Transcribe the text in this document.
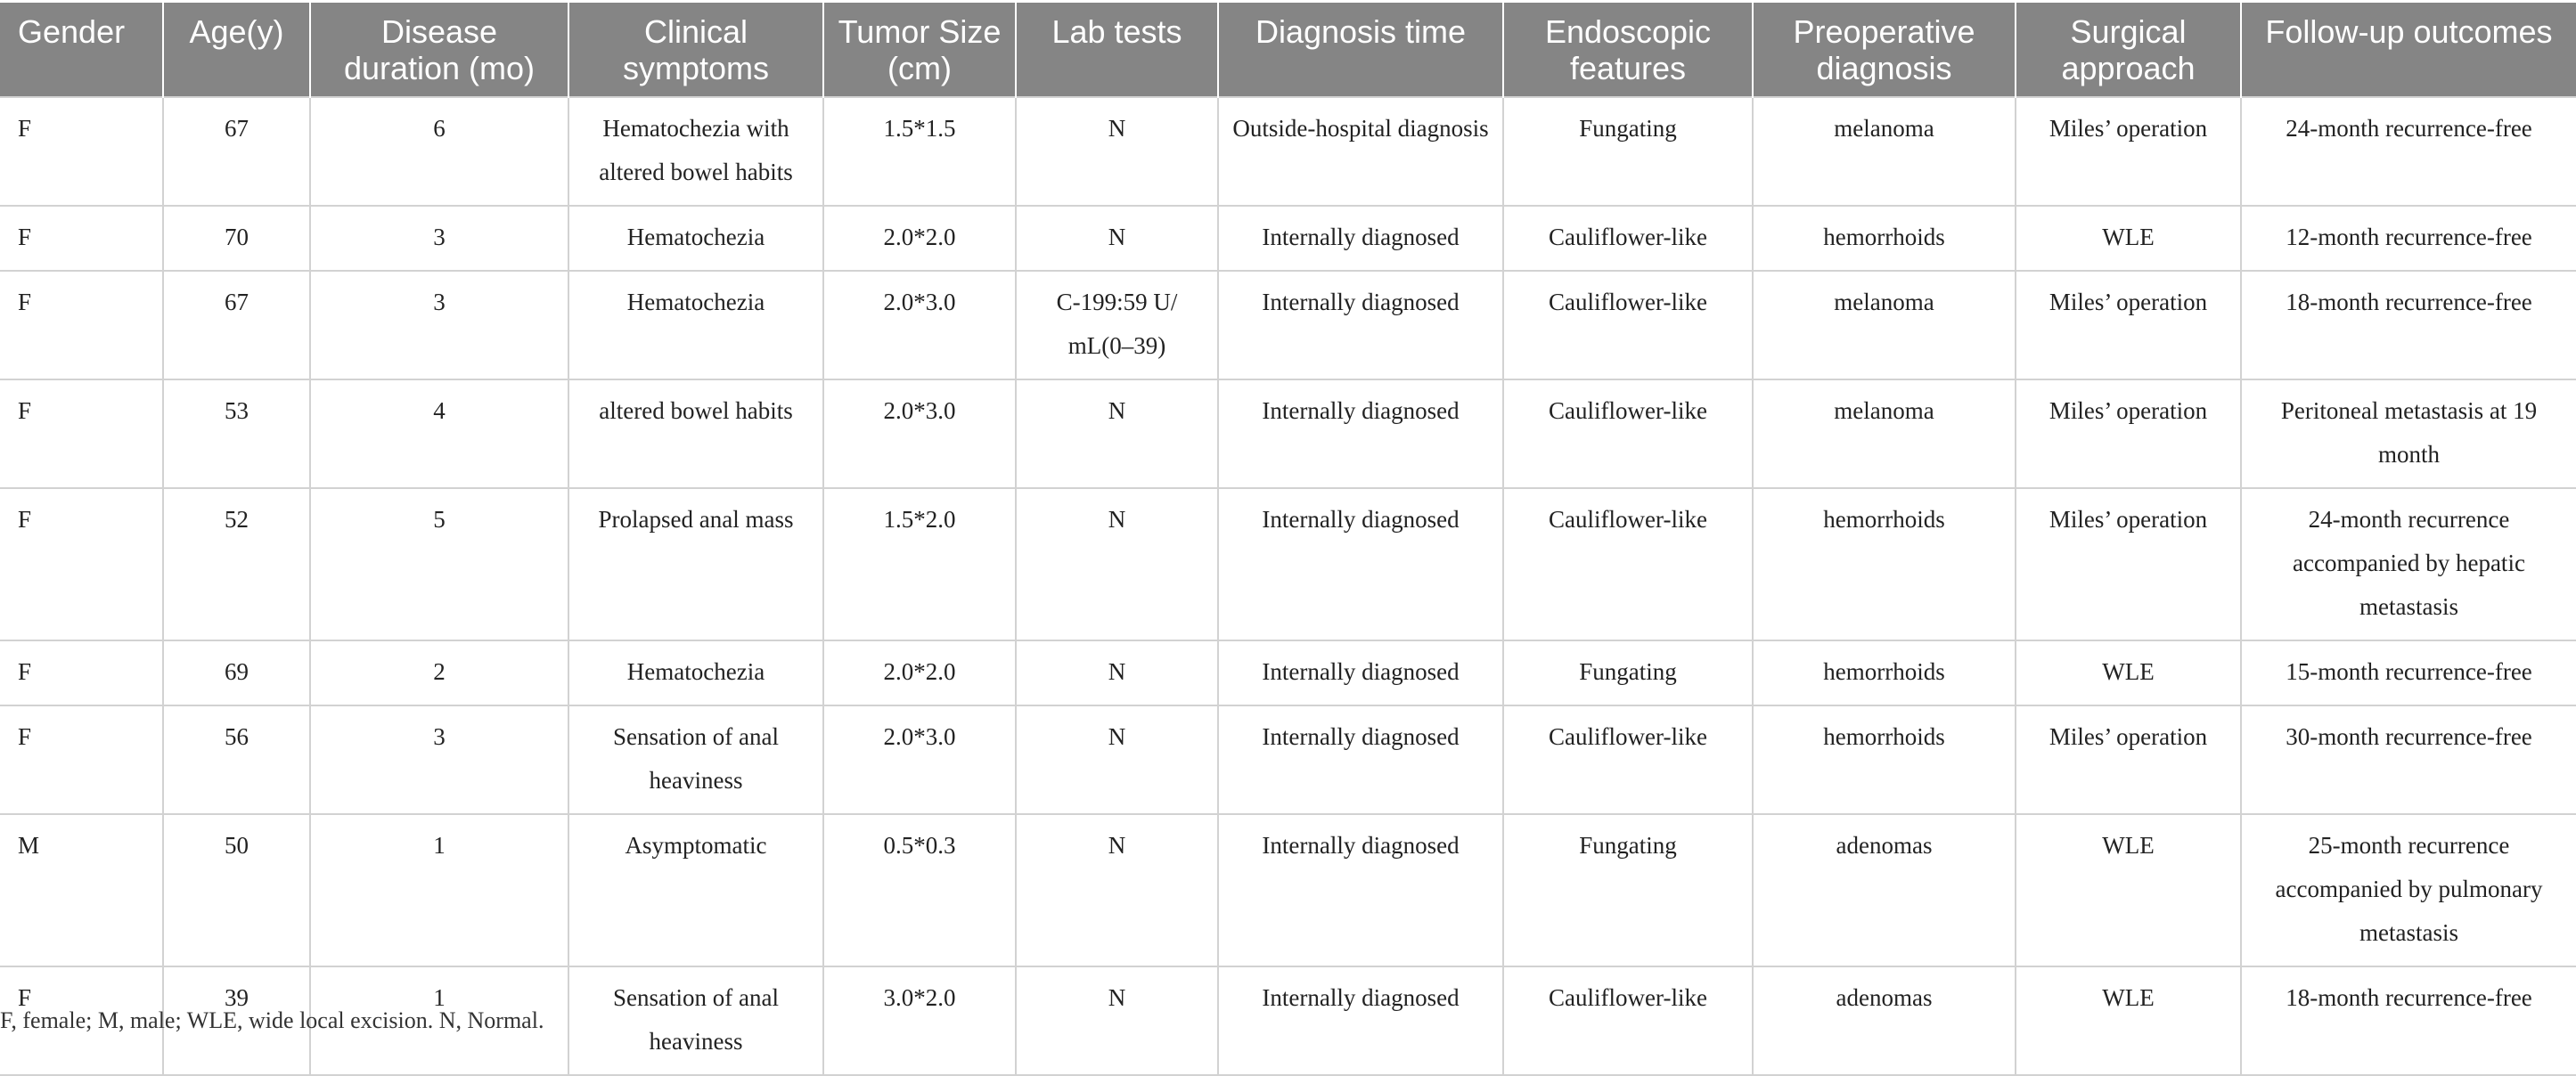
Gender	Age(y)	Disease duration (mo)	Clinical symptoms	Tumor Size (cm)	Lab tests	Diagnosis time	Endoscopic features	Preoperative diagnosis	Surgical approach	Follow-up outcomes
F	67	6	Hematochezia with altered bowel habits	1.5*1.5	N	Outside-hospital diagnosis	Fungating	melanoma	Miles’ operation	24-month recurrence-free
F	70	3	Hematochezia	2.0*2.0	N	Internally diagnosed	Cauliflower-like	hemorrhoids	WLE	12-month recurrence-free
F	67	3	Hematochezia	2.0*3.0	C-199:59 U/ mL(0–39)	Internally diagnosed	Cauliflower-like	melanoma	Miles’ operation	18-month recurrence-free
F	53	4	altered bowel habits	2.0*3.0	N	Internally diagnosed	Cauliflower-like	melanoma	Miles’ operation	Peritoneal metastasis at 19 month
F	52	5	Prolapsed anal mass	1.5*2.0	N	Internally diagnosed	Cauliflower-like	hemorrhoids	Miles’ operation	24-month recurrence accompanied by hepatic metastasis
F	69	2	Hematochezia	2.0*2.0	N	Internally diagnosed	Fungating	hemorrhoids	WLE	15-month recurrence-free
F	56	3	Sensation of anal heaviness	2.0*3.0	N	Internally diagnosed	Cauliflower-like	hemorrhoids	Miles’ operation	30-month recurrence-free
M	50	1	Asymptomatic	0.5*0.3	N	Internally diagnosed	Fungating	adenomas	WLE	25-month recurrence accompanied by pulmonary metastasis
F	39	1	Sensation of anal heaviness	3.0*2.0	N	Internally diagnosed	Cauliflower-like	adenomas	WLE	18-month recurrence-free
F, female; M, male; WLE, wide local excision. N, Normal.
